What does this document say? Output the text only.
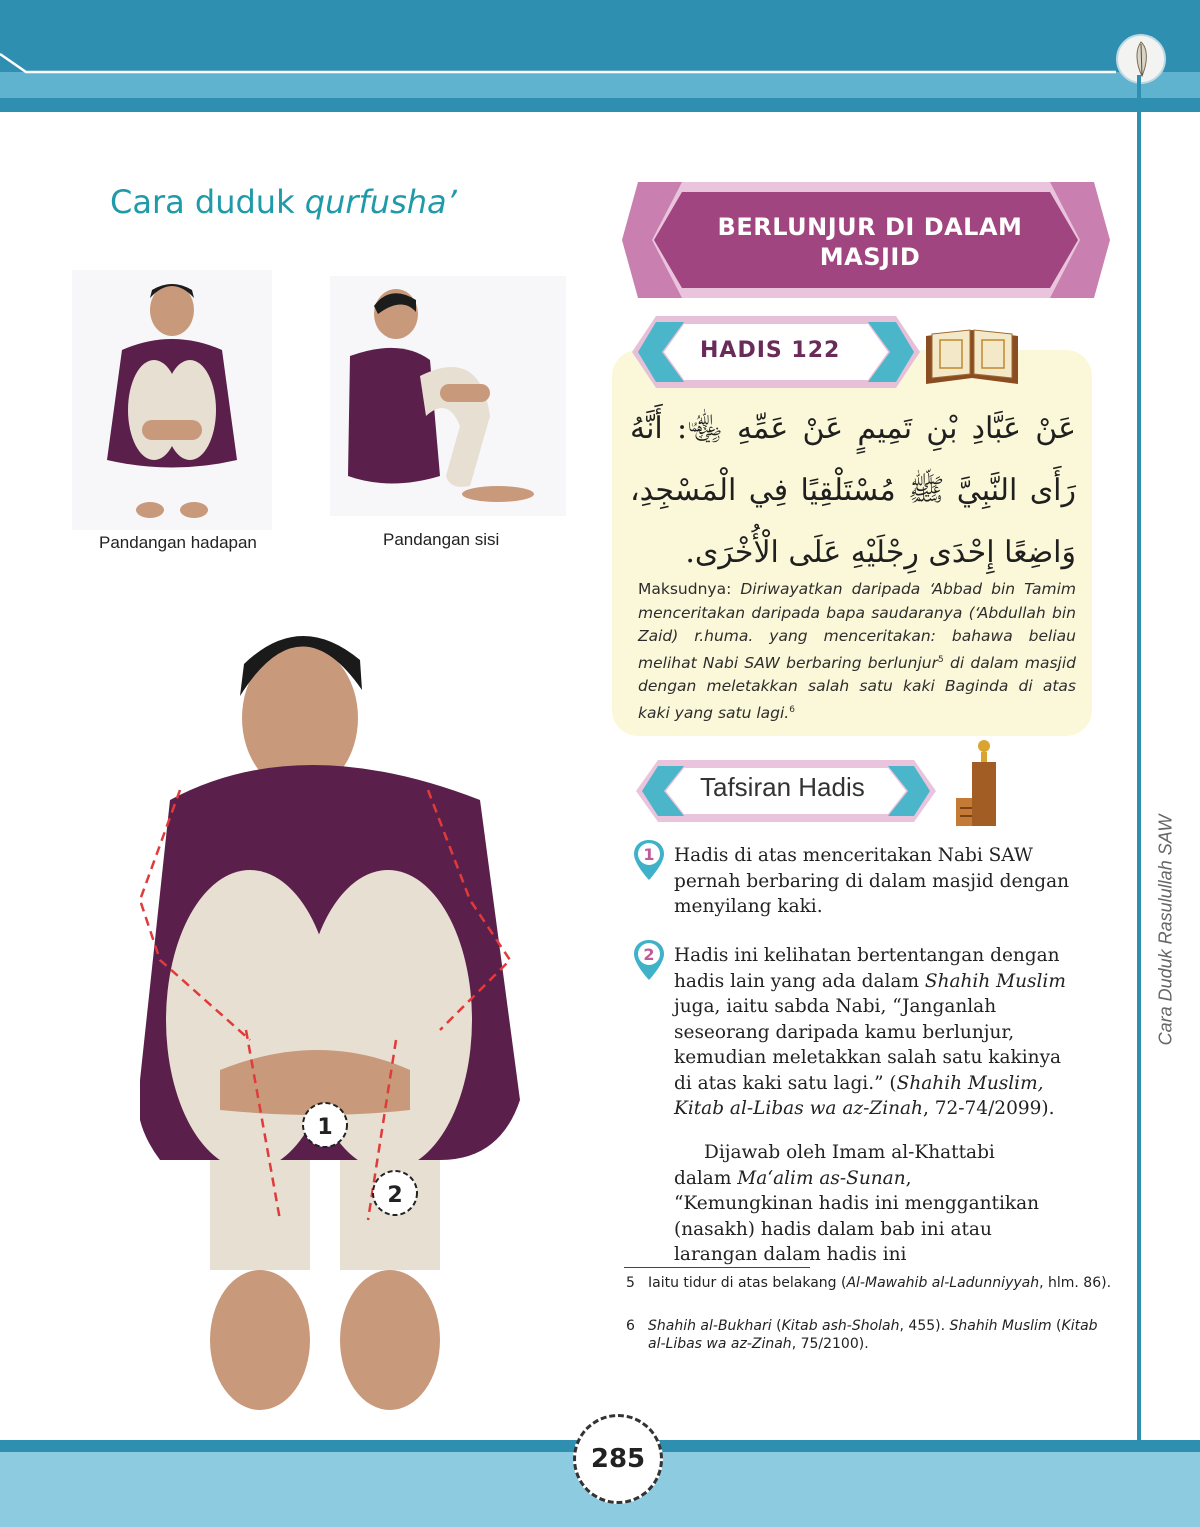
Cara Duduk Rasulullah SAW
Cara duduk qurfusha’
Pandangan hadapan	Pandangan sisi
1
2
BERLUNJUR DI DALAM
MASJID
HADIS 122
عَنْ عَبَّادِ بْنِ تَمِيمٍ عَنْ عَمِّهِ ﵄: أَنَّهُ رَأَى النَّبِيَّ ﷺ مُسْتَلْقِيًا فِي الْمَسْجِدِ، وَاضِعًا إِحْدَى رِجْلَيْهِ عَلَى الْأُخْرَى.
Maksudnya: Diriwayatkan daripada ‘Abbad bin Tamim menceritakan daripada bapa saudaranya (‘Abdullah bin Zaid) r.huma. yang menceritakan: bahawa beliau melihat Nabi SAW berbaring berlunjur$^5$ di dalam masjid dengan meletakkan salah satu kaki Baginda di atas kaki yang satu lagi.$^6$
Tafsiran Hadis
1 Hadis di atas menceritakan Nabi SAW pernah berbaring di dalam masjid dengan menyilang kaki.
2 Hadis ini kelihatan bertentangan dengan hadis lain yang ada dalam Shahih Muslim juga, iaitu sabda Nabi, “Janganlah seseorang daripada kamu berlunjur, kemudian meletakkan salah satu kakinya di atas kaki satu lagi.” (Shahih Muslim, Kitab al-Libas wa az-Zinah, 72-74/2099).
Dijawab oleh Imam al-Khattabi dalam Ma‘alim as-Sunan, “Kemungkinan hadis ini menggantikan (nasakh) hadis dalam bab ini atau larangan dalam hadis ini
5 Iaitu tidur di atas belakang (Al-Mawahib al-Ladunniyyah, hlm. 86).
6 Shahih al-Bukhari (Kitab ash-Sholah, 455). Shahih Muslim (Kitab al-Libas wa az-Zinah, 75/2100).
285
